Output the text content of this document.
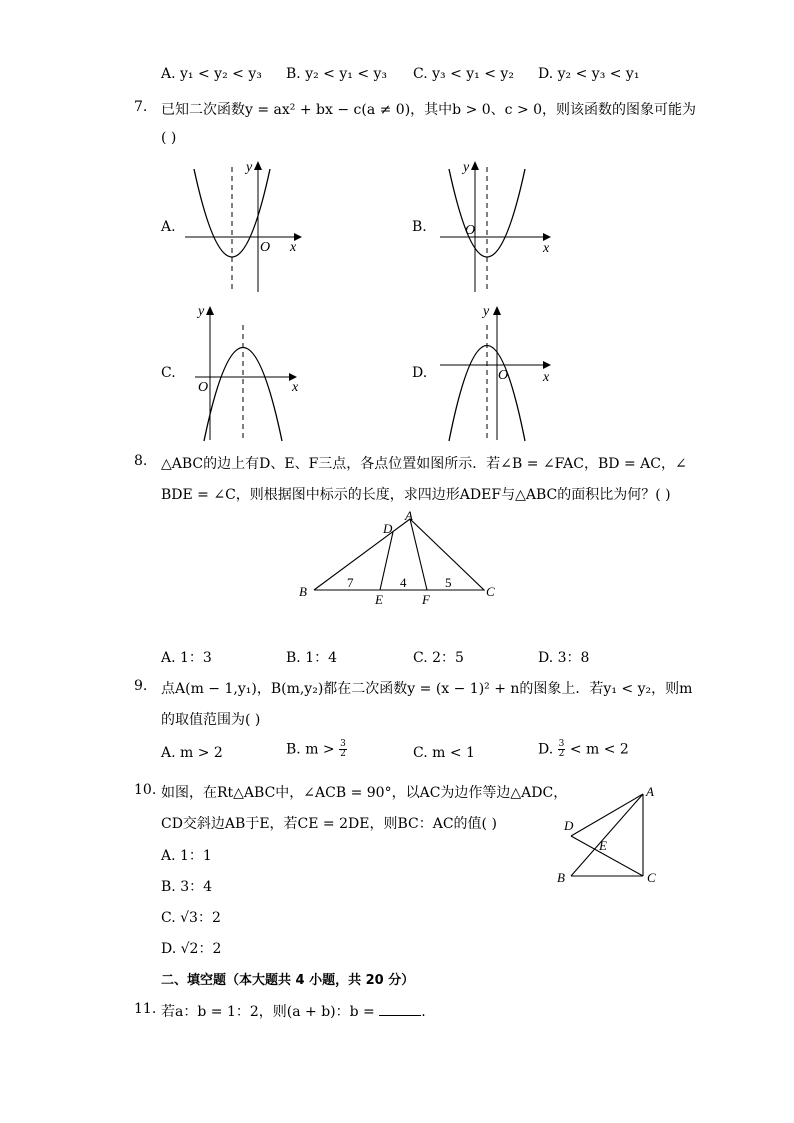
A. y₁ < y₂ < y₃ B. y₂ < y₁ < y₃ C. y₃ < y₁ < y₂ D. y₂ < y₃ < y₁
7. 已知二次函数y = ax² + bx − c(a ≠ 0)，其中b > 0、c > 0，则该函数的图象可能为
( )
A.	B.
C.	D.
y
x
O
y
x
O
y
x
O
y
x
O
8. △ABC的边上有D、E、F三点，各点位置如图所示．若∠B = ∠FAC，BD = AC，∠
BDE = ∠C，则根据图中标示的长度，求四边形ADEF与△ABC的面积比为何？( )
A
D
B
E	F
C
7	4	5
A. 1：3	B. 1：4	C. 2：5	D. 3：8
9. 点A(m − 1,y₁)，B(m,y₂)都在二次函数y = (x − 1)² + n的图象上．若y₁ < y₂，则m
的取值范围为( )
A. m > 2	B. $m > \frac{3}{2}$	C. m < 1	D. $\frac{3}{2} < m < 2$
10. 如图，在Rt△ABC中，∠ACB = 90°，以AC为边作等边△ADC，
CD交斜边AB于E，若CE = 2DE，则BC：AC的值( )
A. 1：1
B. 3：4
C. √3：2
D. √2：2
A
D
E
B	C
二、填空题（本大题共 4 小题，共 20 分）
11. 若a：b = 1：2，则(a + b)：b =	.
